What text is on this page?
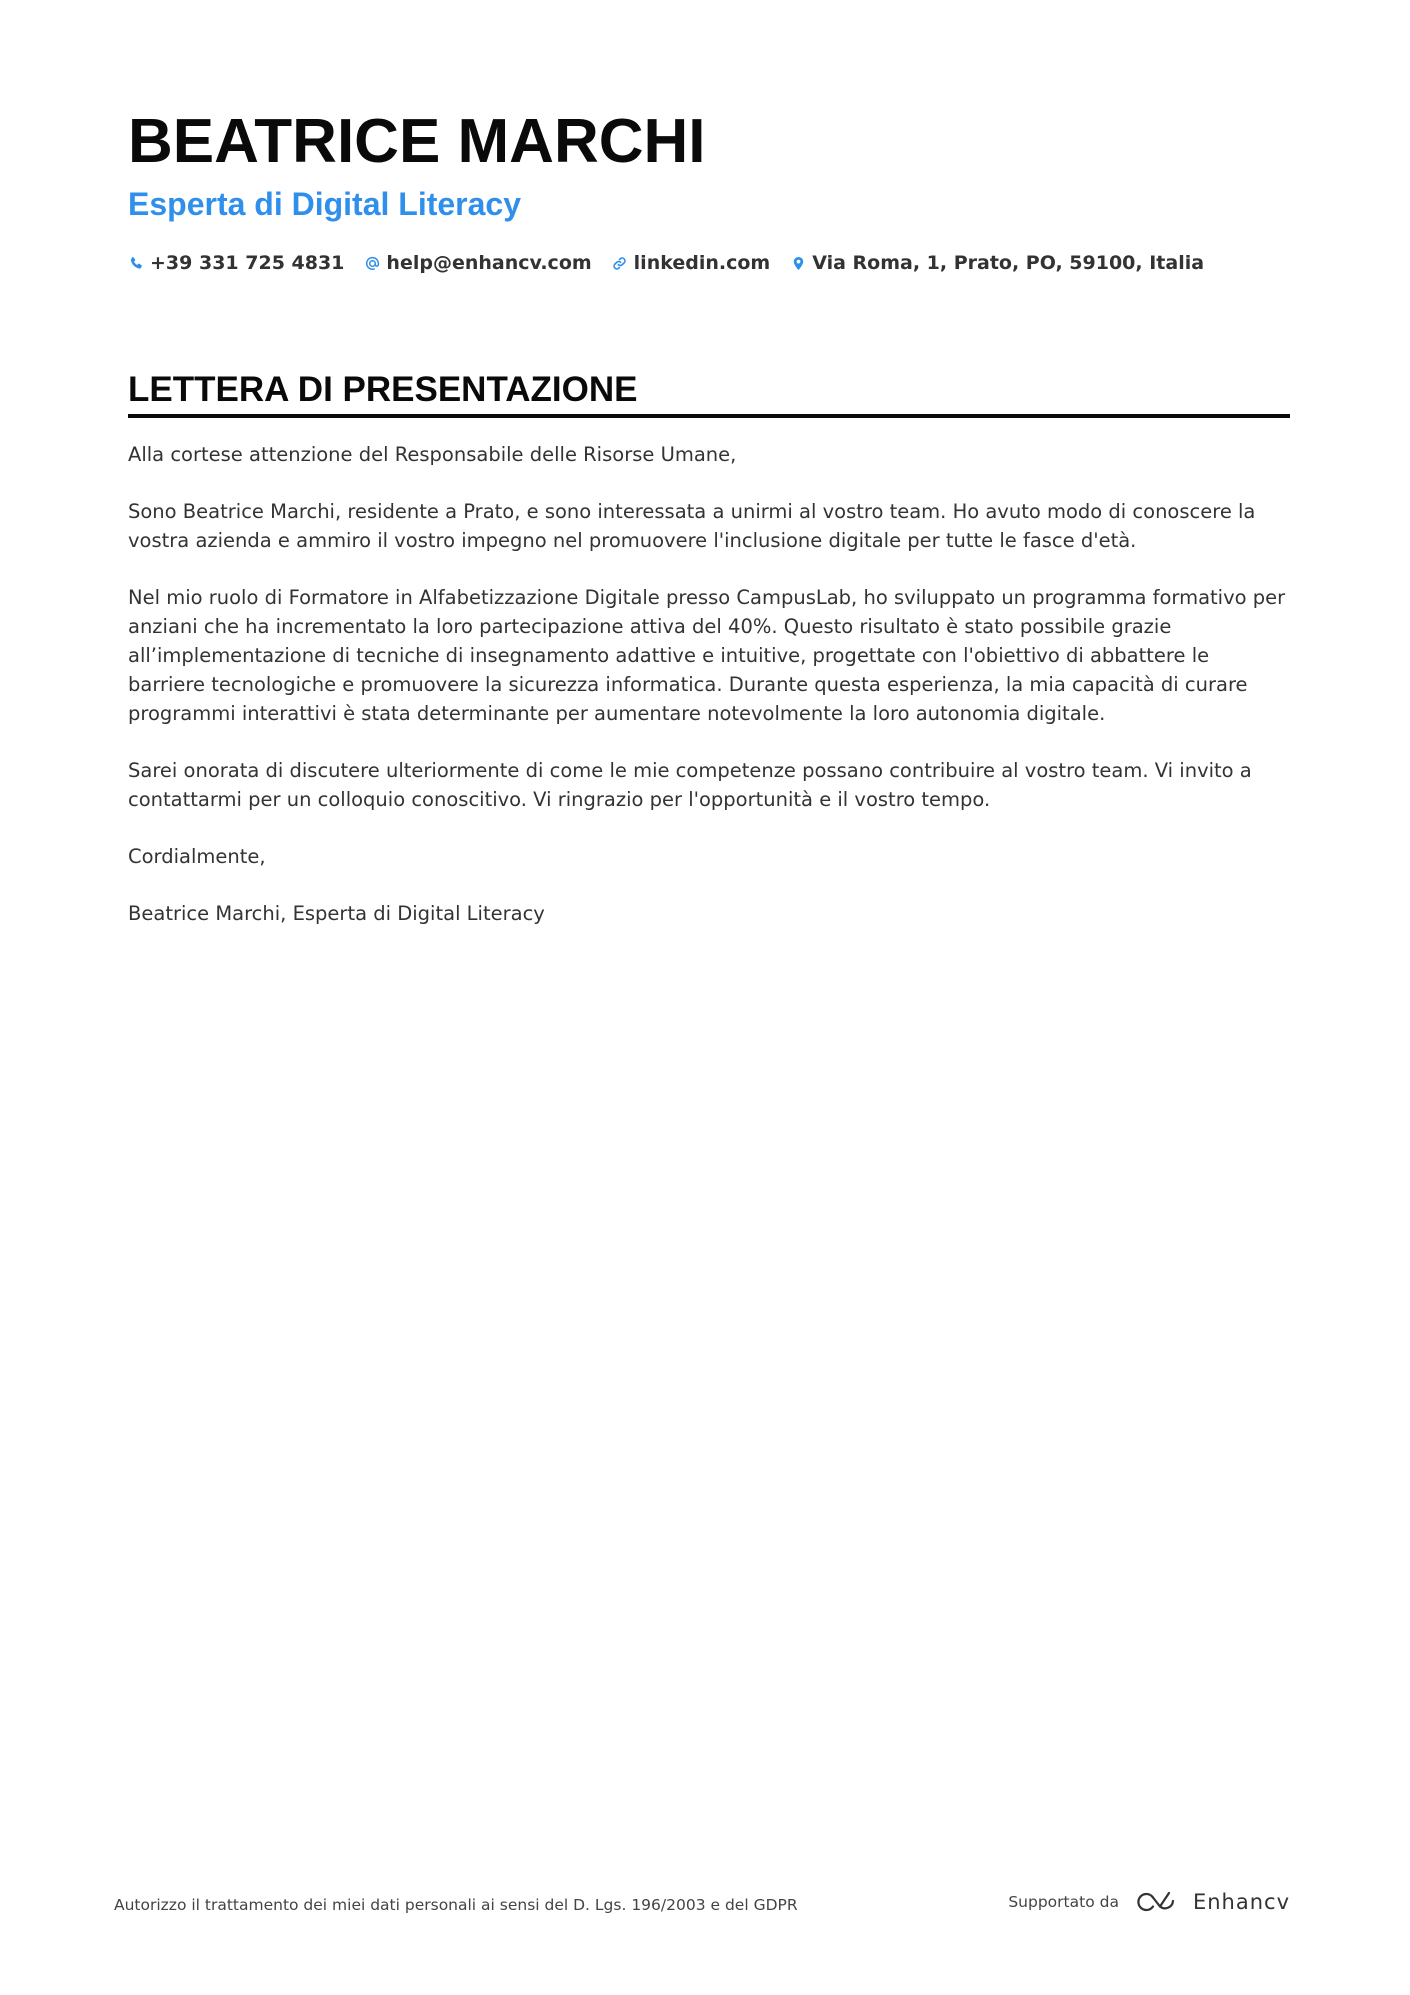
BEATRICE MARCHI
Esperta di Digital Literacy
+39 331 725 4831 help@enhancv.com linkedin.com Via Roma, 1, Prato, PO, 59100, Italia
LETTERA DI PRESENTAZIONE

Alla cortese attenzione del Responsabile delle Risorse Umane,

Sono Beatrice Marchi, residente a Prato, e sono interessata a unirmi al vostro team. Ho avuto modo di conoscere la vostra azienda e ammiro il vostro impegno nel promuovere l'inclusione digitale per tutte le fasce d'età.

Nel mio ruolo di Formatore in Alfabetizzazione Digitale presso CampusLab, ho sviluppato un programma formativo per anziani che ha incrementato la loro partecipazione attiva del 40%. Questo risultato è stato possibile grazie all’implementazione di tecniche di insegnamento adattive e intuitive, progettate con l'obiettivo di abbattere le barriere tecnologiche e promuovere la sicurezza informatica. Durante questa esperienza, la mia capacità di curare programmi interattivi è stata determinante per aumentare notevolmente la loro autonomia digitale.

Sarei onorata di discutere ulteriormente di come le mie competenze possano contribuire al vostro team. Vi invito a contattarmi per un colloquio conoscitivo. Vi ringrazio per l'opportunità e il vostro tempo.

Cordialmente,

Beatrice Marchi, Esperta di Digital Literacy

Autorizzo il trattamento dei miei dati personali ai sensi del D. Lgs. 196/2003 e del GDPR	Supportato da	Enhancv
